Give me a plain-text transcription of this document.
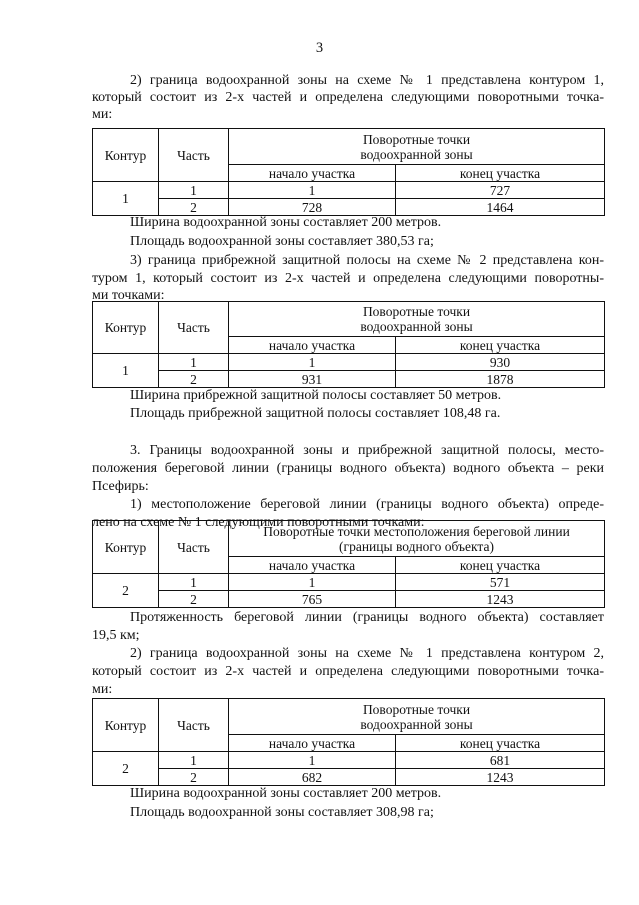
3
2) граница водоохранной зоны на схеме № 1 представлена контуром 1,
который состоит из 2-х частей и определена следующими поворотными точка-
ми:
Контур	Часть	Поворотные точки
водоохранной зоны	
		начало участка	конец участка
1	1	1	727
	2	728	1464
Ширина водоохранной зоны составляет 200 метров.
Площадь водоохранной зоны составляет 380,53 га;
3) граница прибрежной защитной полосы на схеме № 2 представлена кон-
туром 1, который состоит из 2-х частей и определена следующими поворотны-
ми точками:
Контур	Часть	Поворотные точки
водоохранной зоны	
		начало участка	конец участка
1	1	1	930
	2	931	1878
Ширина прибрежной защитной полосы составляет 50 метров.
Площадь прибрежной защитной полосы составляет 108,48 га.
3. Границы водоохранной зоны и прибрежной защитной полосы, место-
положения береговой линии (границы водного объекта) водного объекта – реки
Псефирь:
1) местоположение береговой линии (границы водного объекта) опреде-
лено на схеме № 1 следующими поворотными точками:
Контур	Часть	Поворотные точки местоположения береговой линии
(границы водного объекта)	
		начало участка	конец участка
2	1	1	571
	2	765	1243
Протяженность береговой линии (границы водного объекта) составляет
19,5 км;
2) граница водоохранной зоны на схеме № 1 представлена контуром 2,
который состоит из 2-х частей и определена следующими поворотными точка-
ми:
Контур	Часть	Поворотные точки
водоохранной зоны	
		начало участка	конец участка
2	1	1	681
	2	682	1243
Ширина водоохранной зоны составляет 200 метров.
Площадь водоохранной зоны составляет 308,98 га;
